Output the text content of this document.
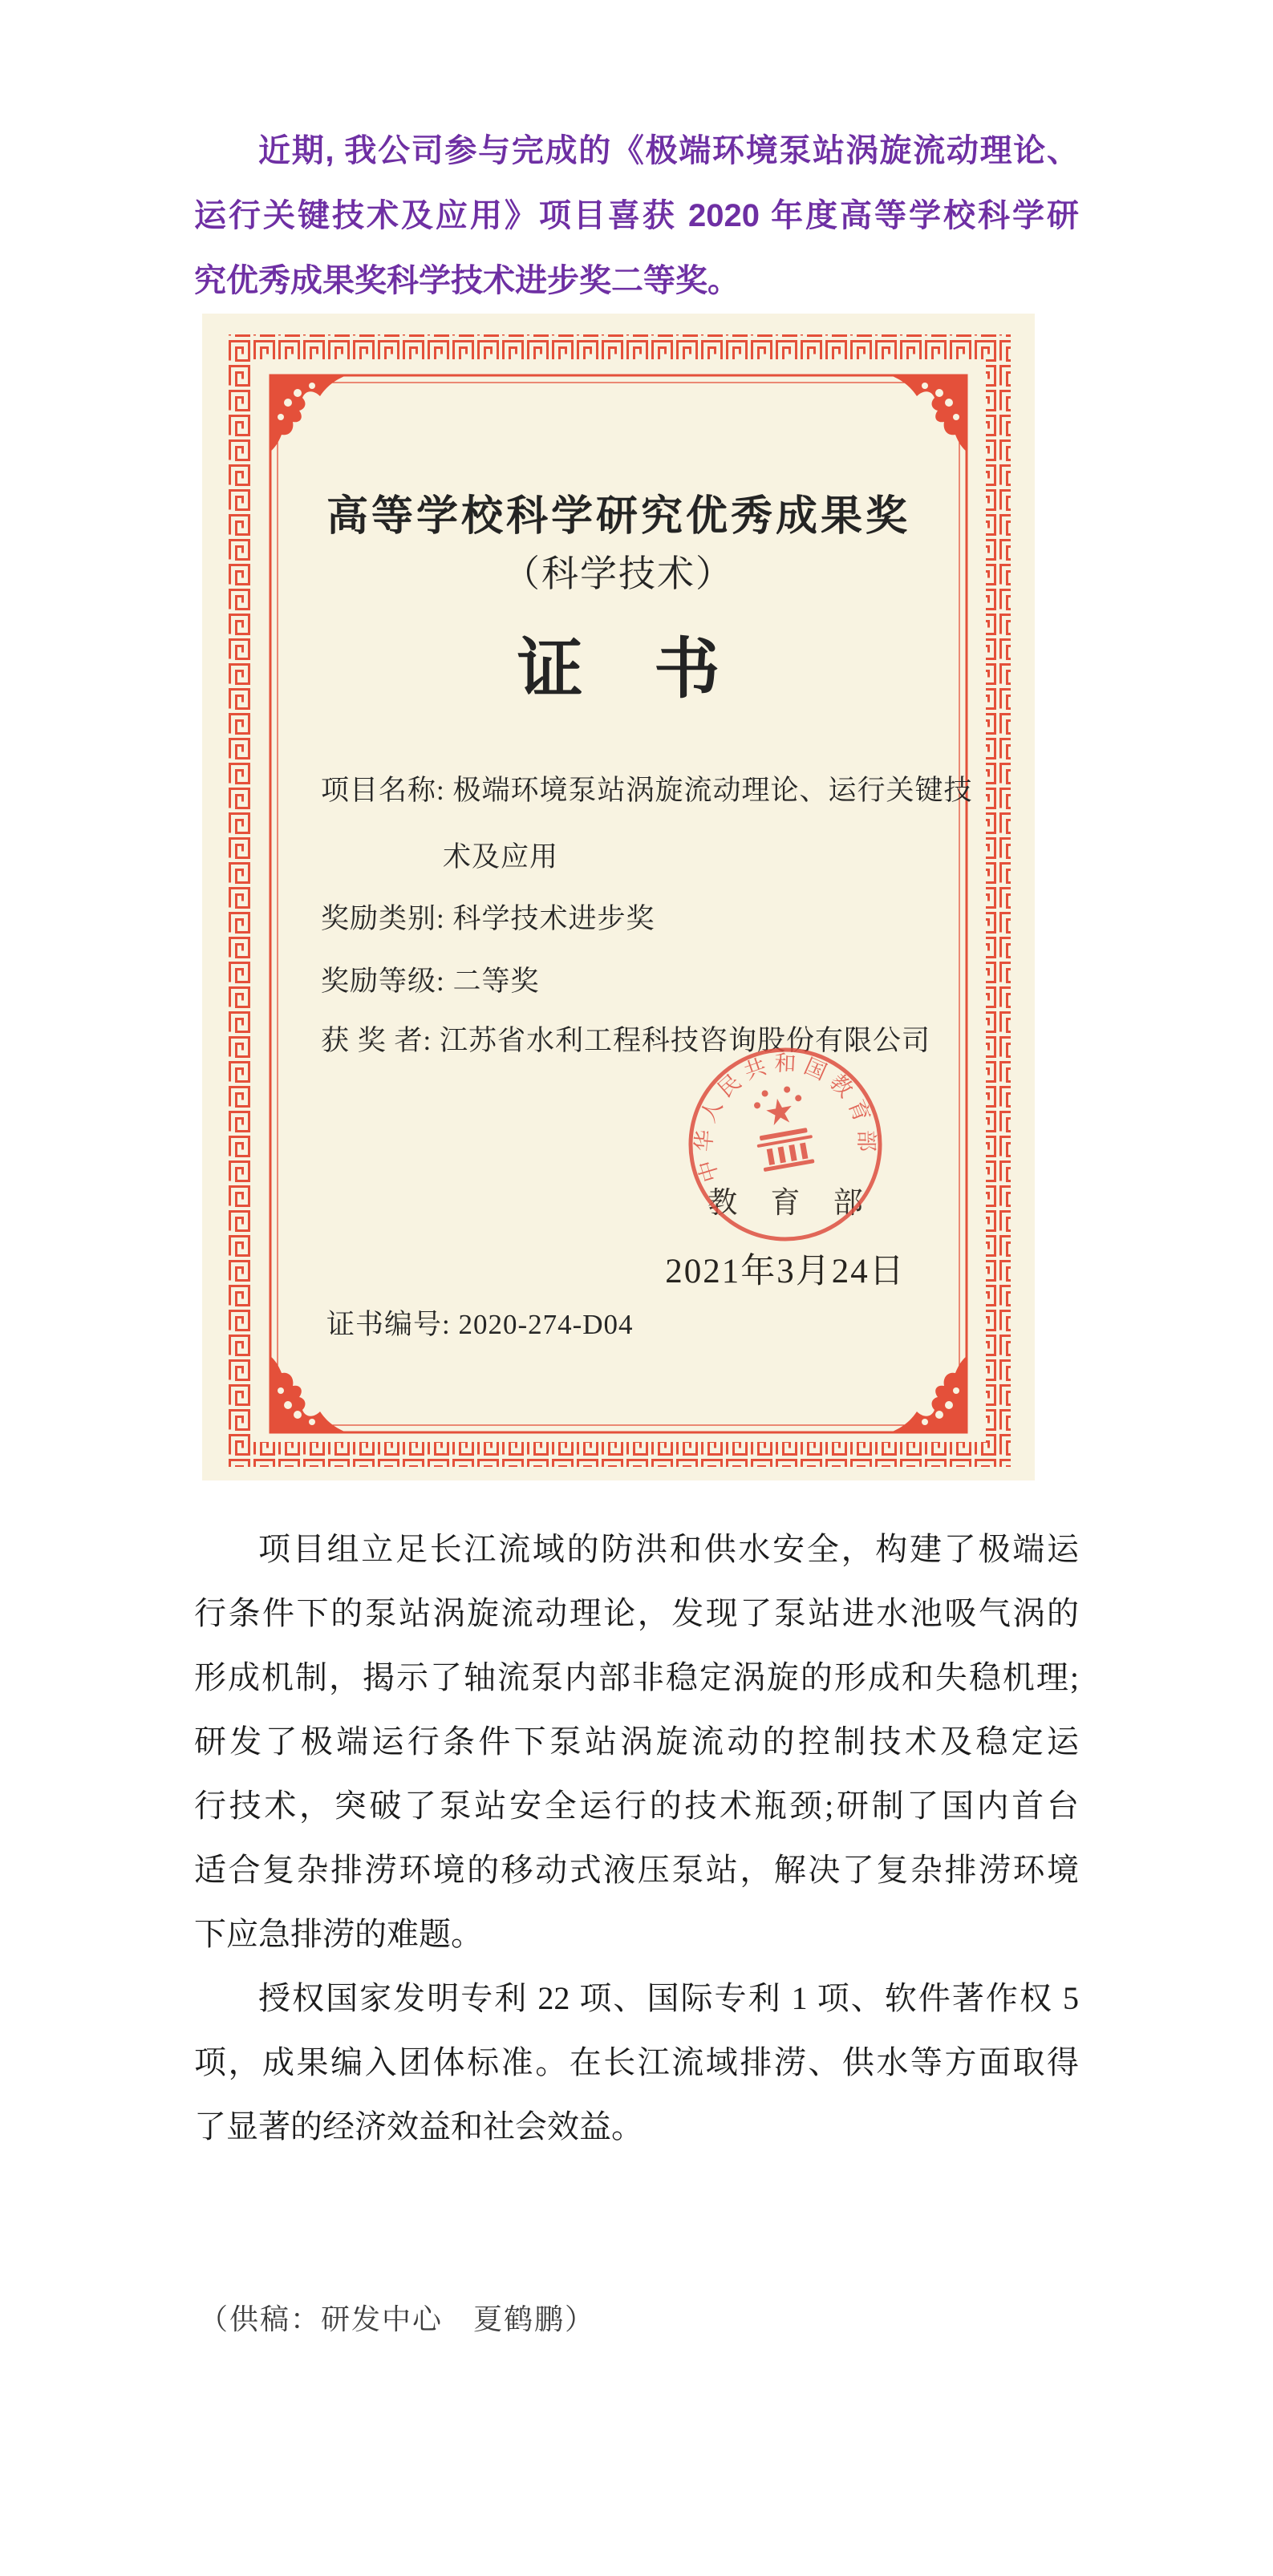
近期, 我公司参与完成的《极端环境泵站涡旋流动理论、
运行关键技术及应用》项目喜获 2020 年度高等学校科学研
究优秀成果奖科学技术进步奖二等奖。
高等学校科学研究优秀成果奖
（科学技术）
证 书
项目名称: 极端环境泵站涡旋流动理论、运行关键技
术及应用
奖励类别: 科学技术进步奖
奖励等级: 二等奖
获 奖 者: 江苏省水利工程科技咨询股份有限公司
教 育 部
2021年3月24日
证书编号: 2020-274-D04
中华人民共和国教育部
项目组立足长江流域的防洪和供水安全，构建了极端运
行条件下的泵站涡旋流动理论，发现了泵站进水池吸气涡的
形成机制，揭示了轴流泵内部非稳定涡旋的形成和失稳机理;
研发了极端运行条件下泵站涡旋流动的控制技术及稳定运
行技术，突破了泵站安全运行的技术瓶颈;研制了国内首台
适合复杂排涝环境的移动式液压泵站，解决了复杂排涝环境
下应急排涝的难题。
授权国家发明专利 22 项、国际专利 1 项、软件著作权 5
项，成果编入团体标准。在长江流域排涝、供水等方面取得
了显著的经济效益和社会效益。
（供稿：研发中心　夏鹤鹏）
